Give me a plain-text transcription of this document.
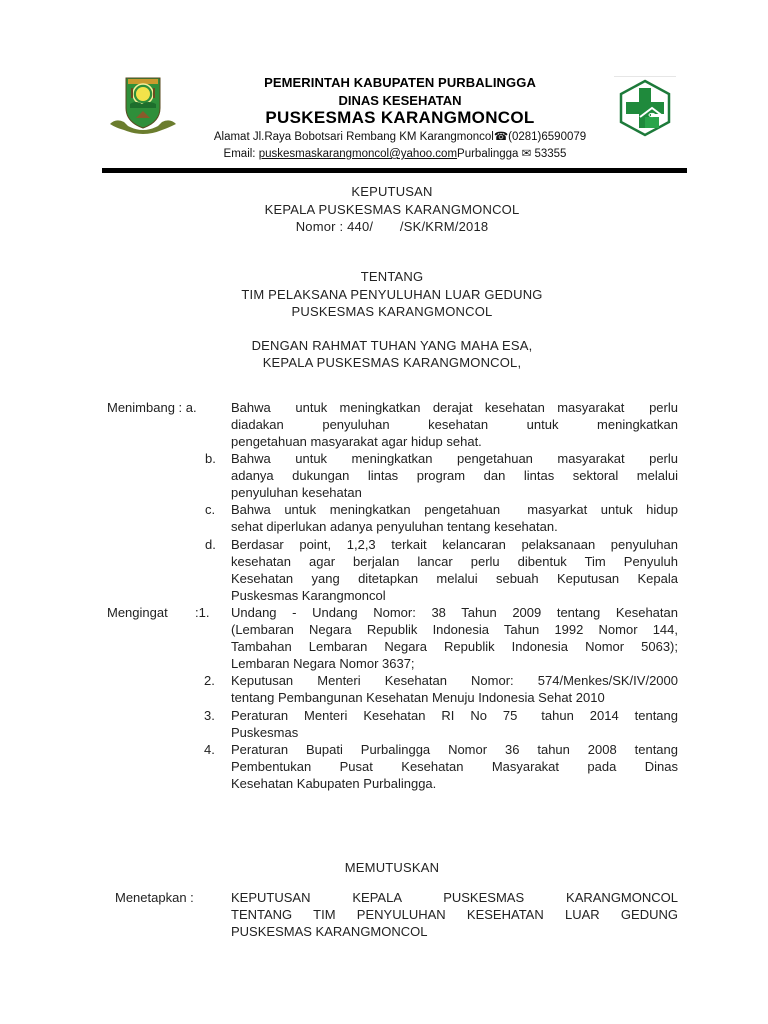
PEMERINTAH KABUPATEN PURBALINGGA
DINAS KESEHATAN
PUSKESMAS KARANGMONCOL
Alamat Jl.Raya Bobotsari Rembang KM Karangmoncol☎(0281)6590079
Email: puskesmaskarangmoncol@yahoo.comPurbalingga ✉ 53355
KEPUTUSAN
KEPALA PUSKESMAS KARANGMONCOL
Nomor : 440/       /SK/KRM/2018
TENTANG
TIM PELAKSANA PENYULUHAN LUAR GEDUNG
PUSKESMAS KARANGMONCOL
DENGAN RAHMAT TUHAN YANG MAHA ESA,
KEPALA PUSKESMAS KARANGMONCOL,
Menimbang : a.	Bahwa  untuk meningkatkan derajat kesehatan masyarakat  perlu
diadakan penyuluhan kesehatan untuk meningkatkan
pengetahuan masyarakat agar hidup sehat.
b. Bahwa untuk meningkatkan pengetahuan masyarakat perlu
adanya dukungan lintas program dan lintas sektoral melalui
penyuluhan kesehatan
c. Bahwa untuk meningkatkan pengetahuan  masyarkat untuk hidup
sehat diperlukan adanya penyuluhan tentang kesehatan.
d. Berdasar point, 1,2,3 terkait kelancaran pelaksanaan penyuluhan
kesehatan agar berjalan lancar perlu dibentuk Tim Penyuluh
Kesehatan yang ditetapkan melalui sebuah Keputusan Kepala
Puskesmas Karangmoncol
Mengingat :1. Undang - Undang Nomor: 38 Tahun 2009 tentang Kesehatan
(Lembaran Negara Republik Indonesia Tahun 1992 Nomor 144,
Tambahan Lembaran Negara Republik Indonesia Nomor 5063);
Lembaran Negara Nomor 3637;
2. Keputusan Menteri Kesehatan Nomor: 574/Menkes/SK/IV/2000
tentang Pembangunan Kesehatan Menuju Indonesia Sehat 2010
3. Peraturan  Menteri  Kesehatan  RI  No  75   tahun  2014  tentang
Puskesmas
4. Peraturan Bupati Purbalingga Nomor 36 tahun 2008 tentang
Pembentukan Pusat Kesehatan Masyarakat pada Dinas
Kesehatan Kabupaten Purbalingga.
MEMUTUSKAN
Menetapkan :	KEPUTUSAN KEPALA PUSKESMAS KARANGMONCOL
TENTANG TIM PENYULUHAN KESEHATAN LUAR GEDUNG
PUSKESMAS KARANGMONCOL
